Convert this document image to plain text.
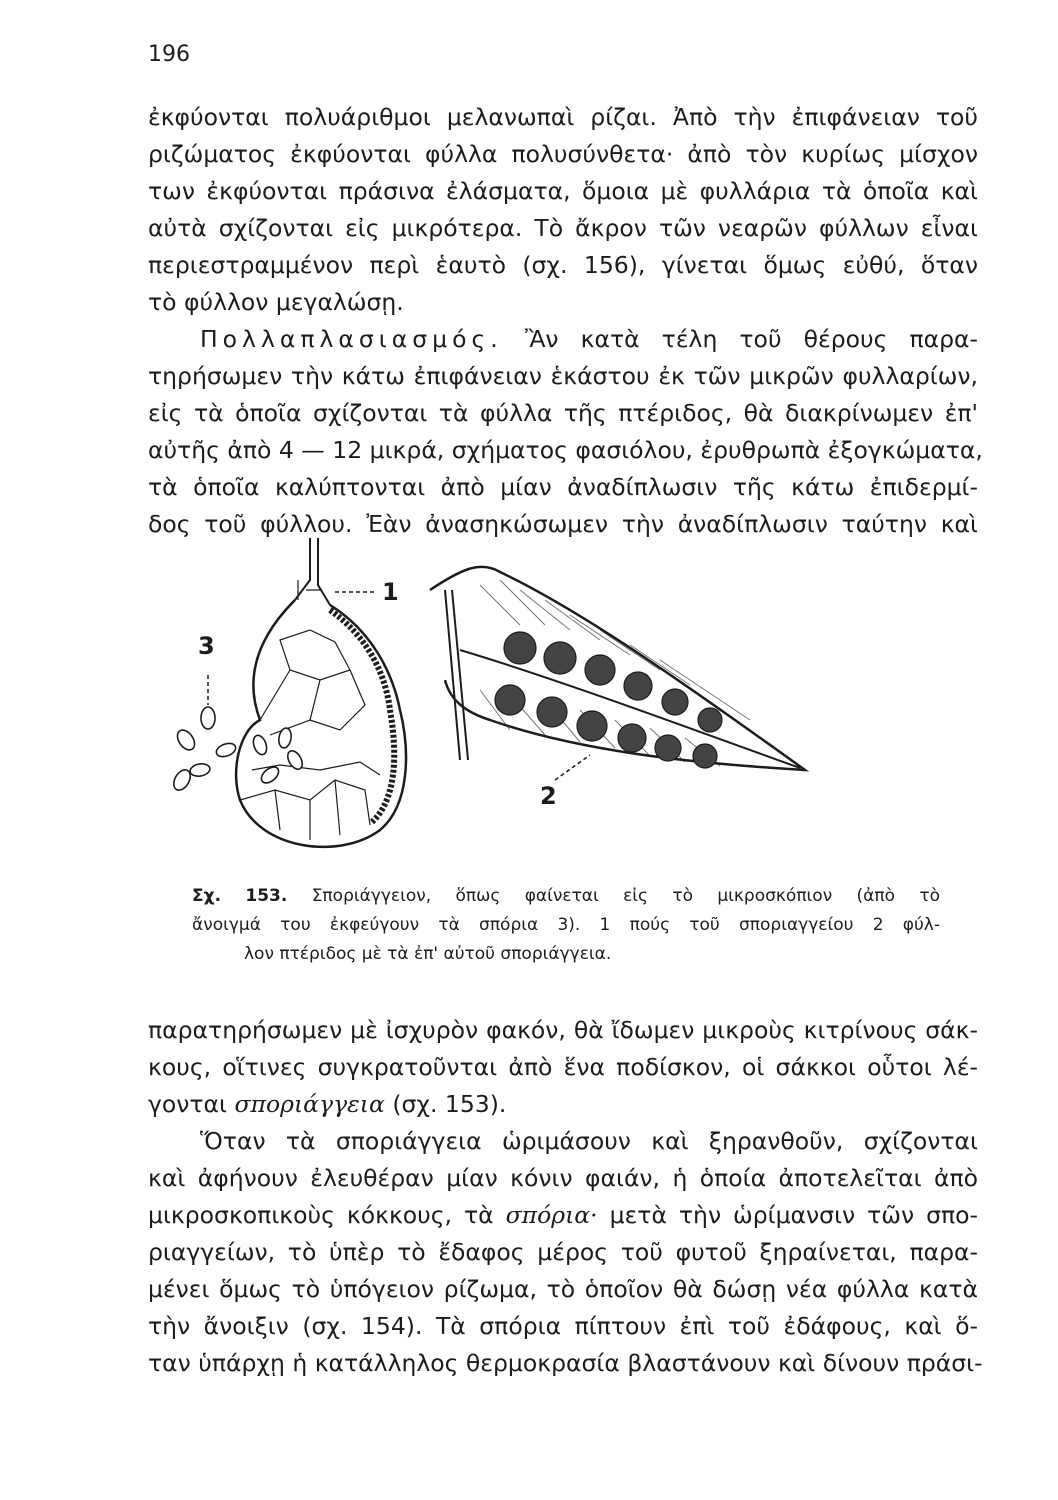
196
ἐκφύονται πολυάριθμοι μελανωπαὶ ρίζαι. Ἀπὸ τὴν ἐπιφάνειαν τοῦ
ριζώματος ἐκφύονται φύλλα πολυσύνθετα· ἀπὸ τὸν κυρίως μίσχον
των ἐκφύονται πράσινα ἐλάσματα, ὅμοια μὲ φυλλάρια τὰ ὁποῖα καὶ
αὐτὰ σχίζονται εἰς μικρότερα. Τὸ ἄκρον τῶν νεαρῶν φύλλων εἶναι
περιεστραμμένον περὶ ἑαυτὸ (σχ. 156), γίνεται ὅμως εὐθύ, ὅταν
τὸ φύλλον μεγαλώσῃ.
Πολλαπλασιασμός. Ἂν κατὰ τέλη τοῦ θέρους παρα-
τηρήσωμεν τὴν κάτω ἐπιφάνειαν ἑκάστου ἐκ τῶν μικρῶν φυλλαρίων,
εἰς τὰ ὁποῖα σχίζονται τὰ φύλλα τῆς πτέριδος, θὰ διακρίνωμεν ἐπ'
αὐτῆς ἀπὸ 4 — 12 μικρά, σχήματος φασιόλου, ἐρυθρωπὰ ἐξογκώματα,
τὰ ὁποῖα καλύπτονται ἀπὸ μίαν ἀναδίπλωσιν τῆς κάτω ἐπιδερμί-
δος τοῦ φύλλου. Ἐὰν ἀνασηκώσωμεν τὴν ἀναδίπλωσιν ταύτην καὶ
1
2
3
Σχ. 153. Σποριάγγειον, ὅπως φαίνεται εἰς τὸ μικροσκόπιον (ἀπὸ τὸ
ἄνοιγμά του ἐκφεύγουν τὰ σπόρια 3). 1 πούς τοῦ σποριαγγείου 2 φύλ-
λον πτέριδος μὲ τὰ ἐπ' αὐτοῦ σποριάγγεια.
παρατηρήσωμεν μὲ ἰσχυρὸν φακόν, θὰ ἴδωμεν μικροὺς κιτρίνους σάκ-
κους, οἵτινες συγκρατοῦνται ἀπὸ ἕνα ποδίσκον, οἱ σάκκοι οὗτοι λέ-
γονται σποριάγγεια (σχ. 153).
Ὅταν τὰ σποριάγγεια ὡριμάσουν καὶ ξηρανθοῦν, σχίζονται
καὶ ἀφήνουν ἐλευθέραν μίαν κόνιν φαιάν, ἡ ὁποία ἀποτελεῖται ἀπὸ
μικροσκοπικοὺς κόκκους, τὰ σπόρια· μετὰ τὴν ὡρίμανσιν τῶν σπο-
ριαγγείων, τὸ ὑπὲρ τὸ ἔδαφος μέρος τοῦ φυτοῦ ξηραίνεται, παρα-
μένει ὅμως τὸ ὑπόγειον ρίζωμα, τὸ ὁποῖον θὰ δώσῃ νέα φύλλα κατὰ
τὴν ἄνοιξιν (σχ. 154). Τὰ σπόρια πίπτουν ἐπὶ τοῦ ἐδάφους, καὶ ὅ-
ταν ὑπάρχῃ ἡ κατάλληλος θερμοκρασία βλαστάνουν καὶ δίνουν πράσι-
